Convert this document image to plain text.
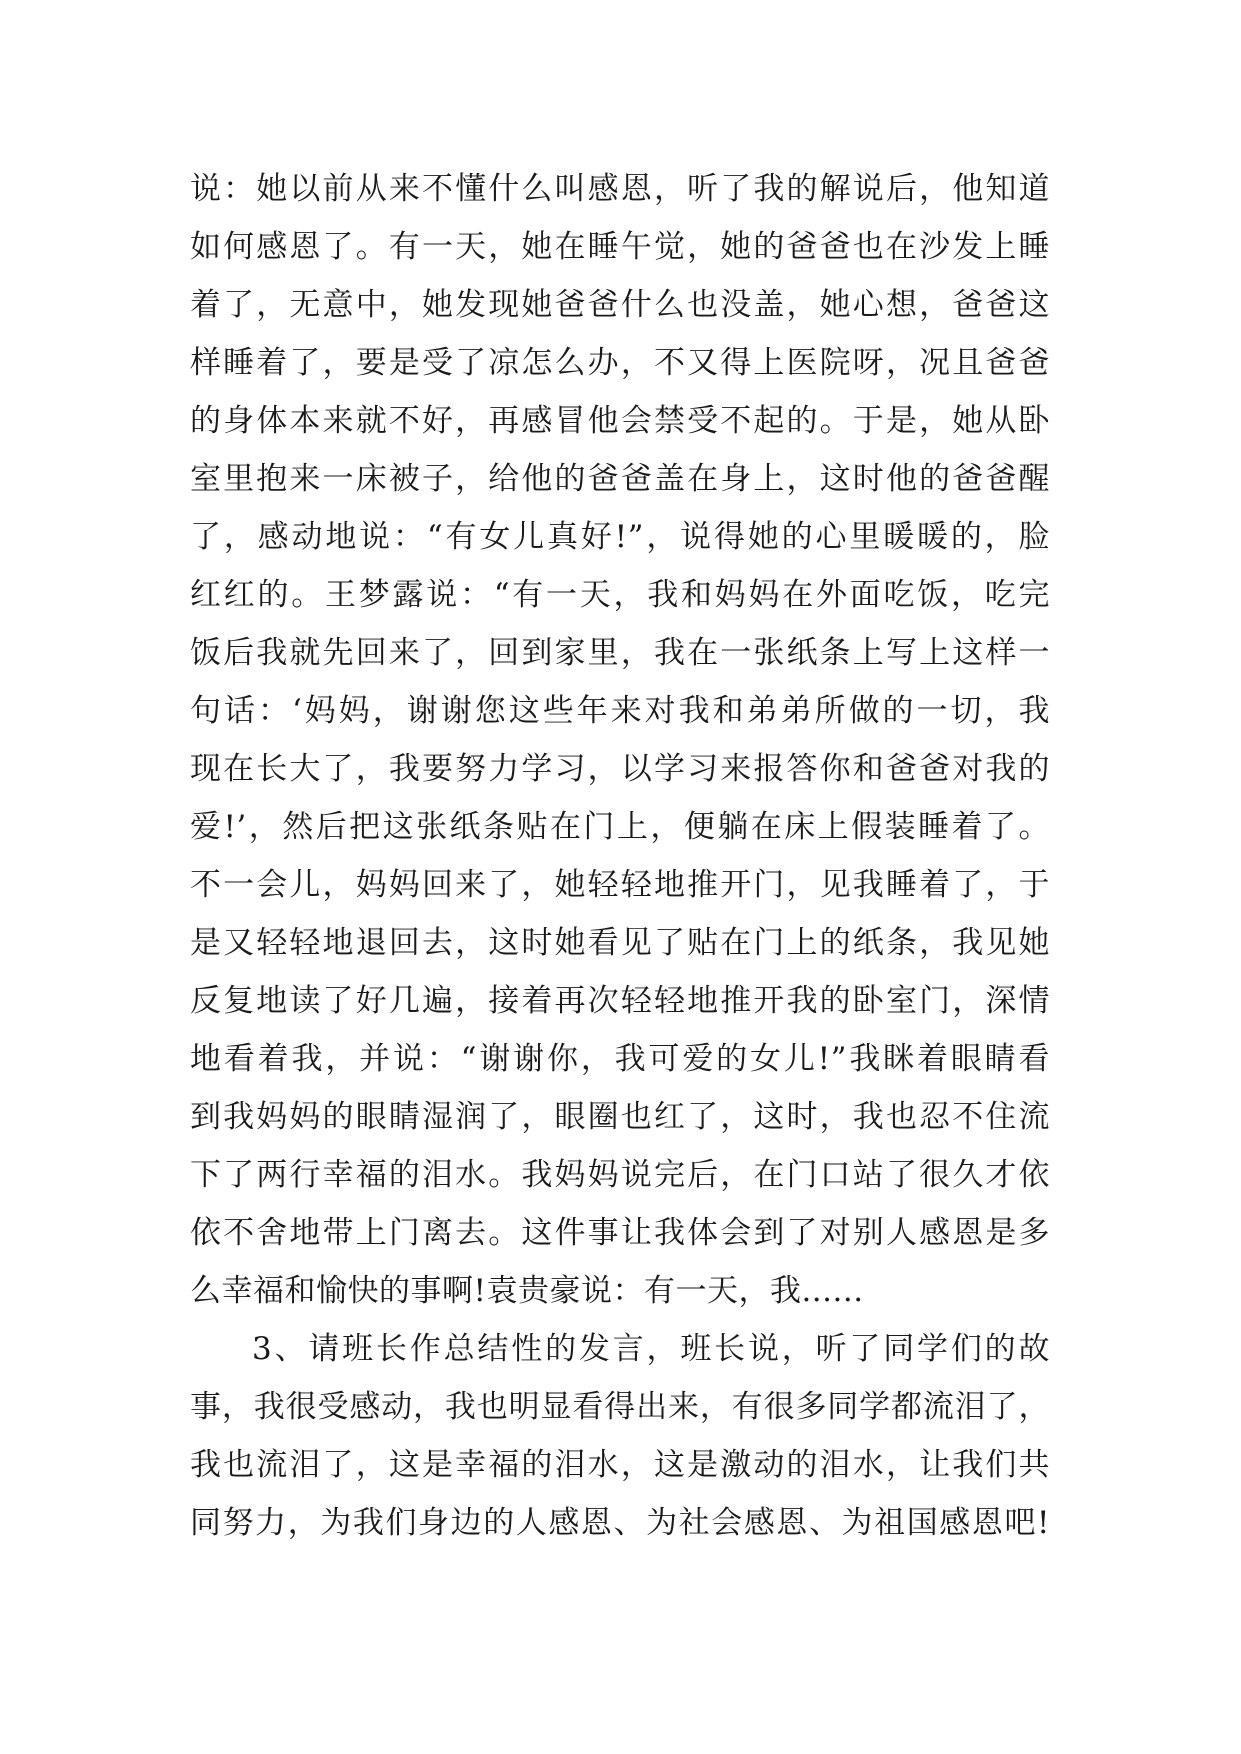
说：她以前从来不懂什么叫感恩，听了我的解说后，他知道
如何感恩了。有一天，她在睡午觉，她的爸爸也在沙发上睡
着了，无意中，她发现她爸爸什么也没盖，她心想，爸爸这
样睡着了，要是受了凉怎么办，不又得上医院呀，况且爸爸
的身体本来就不好，再感冒他会禁受不起的。于是，她从卧
室里抱来一床被子，给他的爸爸盖在身上，这时他的爸爸醒
了，感动地说：“有女儿真好!”，说得她的心里暖暖的，脸
红红的。王梦露说：“有一天，我和妈妈在外面吃饭，吃完
饭后我就先回来了，回到家里，我在一张纸条上写上这样一
句话：‘妈妈，谢谢您这些年来对我和弟弟所做的一切，我
现在长大了，我要努力学习，以学习来报答你和爸爸对我的
爱!’，然后把这张纸条贴在门上，便躺在床上假装睡着了。
不一会儿，妈妈回来了，她轻轻地推开门，见我睡着了，于
是又轻轻地退回去，这时她看见了贴在门上的纸条，我见她
反复地读了好几遍，接着再次轻轻地推开我的卧室门，深情
地看着我，并说：“谢谢你，我可爱的女儿!”我眯着眼睛看
到我妈妈的眼睛湿润了，眼圈也红了，这时，我也忍不住流
下了两行幸福的泪水。我妈妈说完后，在门口站了很久才依
依不舍地带上门离去。这件事让我体会到了对别人感恩是多
么幸福和愉快的事啊!袁贵豪说：有一天，我......
3、请班长作总结性的发言，班长说，听了同学们的故
事，我很受感动，我也明显看得出来，有很多同学都流泪了，
我也流泪了，这是幸福的泪水，这是激动的泪水，让我们共
同努力，为我们身边的人感恩、为社会感恩、为祖国感恩吧!
